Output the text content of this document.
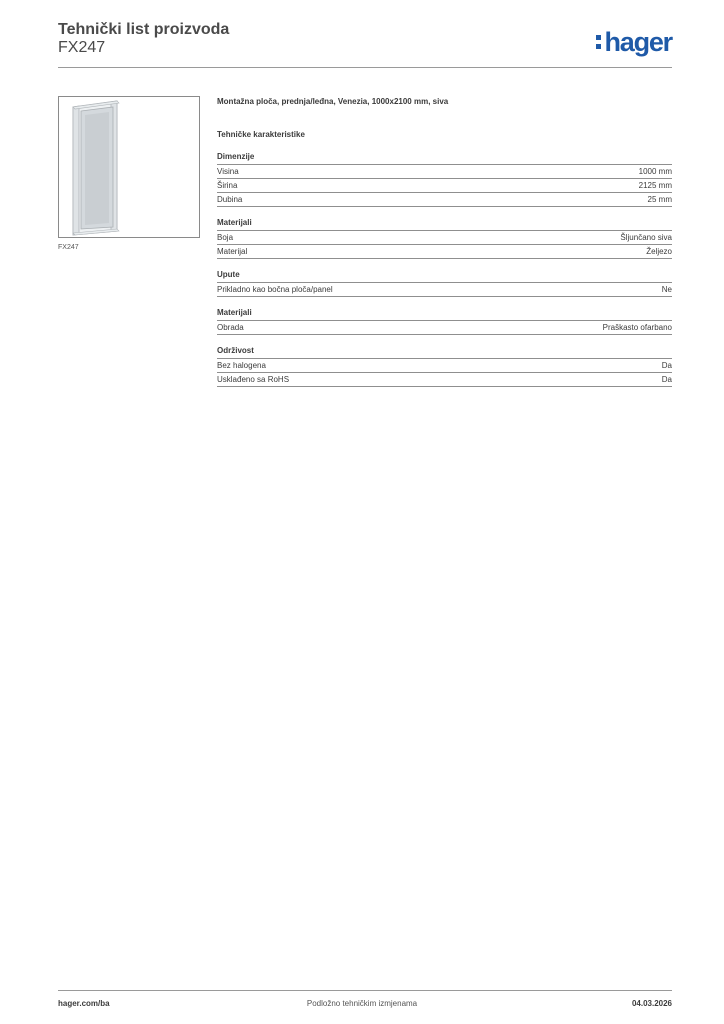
Tehnički list proizvoda
FX247	hager
FX247
Montažna ploča, prednja/leđna, Venezia, 1000x2100 mm, siva
Tehničke karakteristike
Dimenzije
Visina	1000 mm
Širina	2125 mm
Dubina	25 mm
Materijali
Boja	Šljunčano siva
Materijal	Željezo
Upute
Prikladno kao bočna ploča/panel	Ne
Materijali
Obrada	Praškasto ofarbano
Održivost
Bez halogena	Da
Usklađeno sa RoHS	Da
hager.com/ba	Podložno tehničkim izmjenama	04.03.2026
